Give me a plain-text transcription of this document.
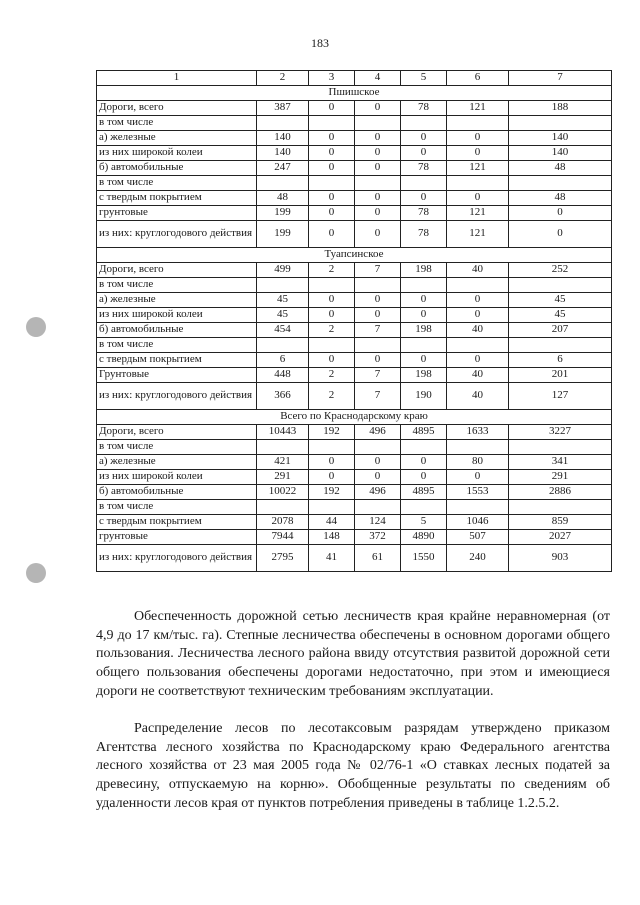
183
1	2	3	4	5	6	7
Пшишское						
Дороги, всего	387	0	0	78	121	188
в том числе						
а) железные	140	0	0	0	0	140
из них широкой колеи	140	0	0	0	0	140
б) автомобильные	247	0	0	78	121	48
в том числе						
с твердым покрытием	48	0	0	0	0	48
грунтовые	199	0	0	78	121	0
из них: круглогодового действия	199	0	0	78	121	0
Туапсинское						
Дороги, всего	499	2	7	198	40	252
в том числе						
а) железные	45	0	0	0	0	45
из них широкой колеи	45	0	0	0	0	45
б) автомобильные	454	2	7	198	40	207
в том числе						
с твердым покрытием	6	0	0	0	0	6
Грунтовые	448	2	7	198	40	201
из них: круглогодового действия	366	2	7	190	40	127
Всего по Краснодарскому краю						
Дороги, всего	10443	192	496	4895	1633	3227
в том числе						
а) железные	421	0	0	0	80	341
из них широкой колеи	291	0	0	0	0	291
б) автомобильные	10022	192	496	4895	1553	2886
в том числе						
с твердым покрытием	2078	44	124	5	1046	859
грунтовые	7944	148	372	4890	507	2027
из них: круглогодового действия	2795	41	61	1550	240	903

Обеспеченность дорожной сетью лесничеств края крайне неравномерная (от 4,9 до 17 км/тыс. га). Степные лесничества обеспечены в основном дорогами общего пользования. Лесничества лесного района ввиду отсутствия развитой дорожной сети общего пользования обеспечены дорогами недостаточно, при этом и имеющиеся дороги не соответствуют техническим требованиям эксплуатации.

Распределение лесов по лесотаксовым разрядам утверждено приказом Агентства лесного хозяйства по Краснодарскому краю Федерального агентства лесного хозяйства от 23 мая 2005 года № 02/76-1 «О ставках лесных податей за древесину, отпускаемую на корню». Обобщенные результаты по сведениям об удаленности лесов края от пунктов потребления приведены в таблице 1.2.5.2.
